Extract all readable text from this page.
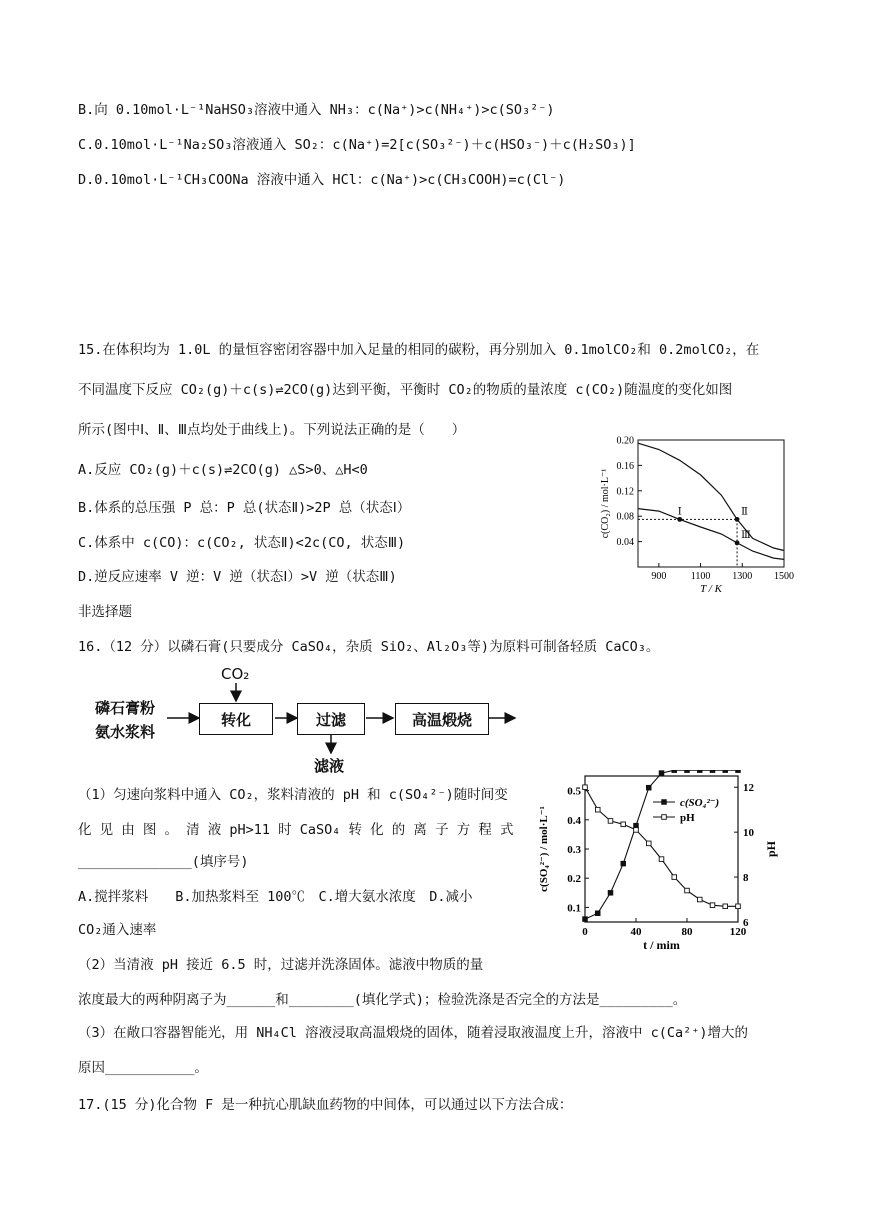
B.向 0.10mol·L⁻¹NaHSO₃溶液中通入 NH₃：c(Na⁺)>c(NH₄⁺)>c(SO₃²⁻)
C.0.10mol·L⁻¹Na₂SO₃溶液通入 SO₂：c(Na⁺)=2[c(SO₃²⁻)＋c(HSO₃⁻)＋c(H₂SO₃)]
D.0.10mol·L⁻¹CH₃COONa 溶液中通入 HCl：c(Na⁺)>c(CH₃COOH)=c(Cl⁻)
15.在体积均为 1.0L 的量恒容密闭容器中加入足量的相同的碳粉，再分别加入 0.1molCO₂和 0.2molCO₂，在
不同温度下反应 CO₂(g)＋c(s)⇌2CO(g)达到平衡，平衡时 CO₂的物质的量浓度 c(CO₂)随温度的变化如图
所示(图中Ⅰ、Ⅱ、Ⅲ点均处于曲线上)。下列说法正确的是（　　）
A.反应 CO₂(g)＋c(s)⇌2CO(g) △S>0、△H<0
B.体系的总压强 P 总：P 总(状态Ⅱ)>2P 总（状态Ⅰ）
C.体系中 c(CO)：c(CO₂, 状态Ⅱ)<2c(CO, 状态Ⅲ)
D.逆反应速率 V 逆：V 逆（状态Ⅰ）>V 逆（状态Ⅲ)
非选择题
0.04
0.08
0.12
0.16
0.20
900 1100 1300 1500
T / K
c(CO₂) / mol·L⁻¹	Ⅰ	Ⅱ
Ⅲ
16.（12 分）以磷石膏(只要成分 CaSO₄，杂质 SiO₂、Al₂O₃等)为原料可制备轻质 CaCO₃。
磷石膏粉
氨水浆料
CO₂
转化	过滤	高温煅烧
滤液
（1）匀速向浆料中通入 CO₂，浆料清液的 pH 和 c(SO₄²⁻)随时间变
化 见 由 图 。 清 液 pH>11 时 CaSO₄ 转 化 的 离 子 方 程 式
______________(填序号)
A.搅拌浆料　　B.加热浆料至 100℃　C.增大氨水浓度　D.减小
CO₂通入速率
（2）当清液 pH 接近 6.5 时，过滤并洗涤固体。滤液中物质的量
浓度最大的两种阴离子为______和________(填化学式)；检验洗涤是否完全的方法是_________。
（3）在敞口容器智能光，用 NH₄Cl 溶液浸取高温煅烧的固体，随着浸取液温度上升，溶液中 c(Ca²⁺)增大的
原因___________。
0.1
0.2
0.3
0.4
0.5
6
8
10
12
0	40	80	120
t / mim
c(SO₄²⁻) / mol·L⁻¹	pH
c(SO₄²⁻)
pH
17.(15 分)化合物 F 是一种抗心肌缺血药物的中间体，可以通过以下方法合成：
